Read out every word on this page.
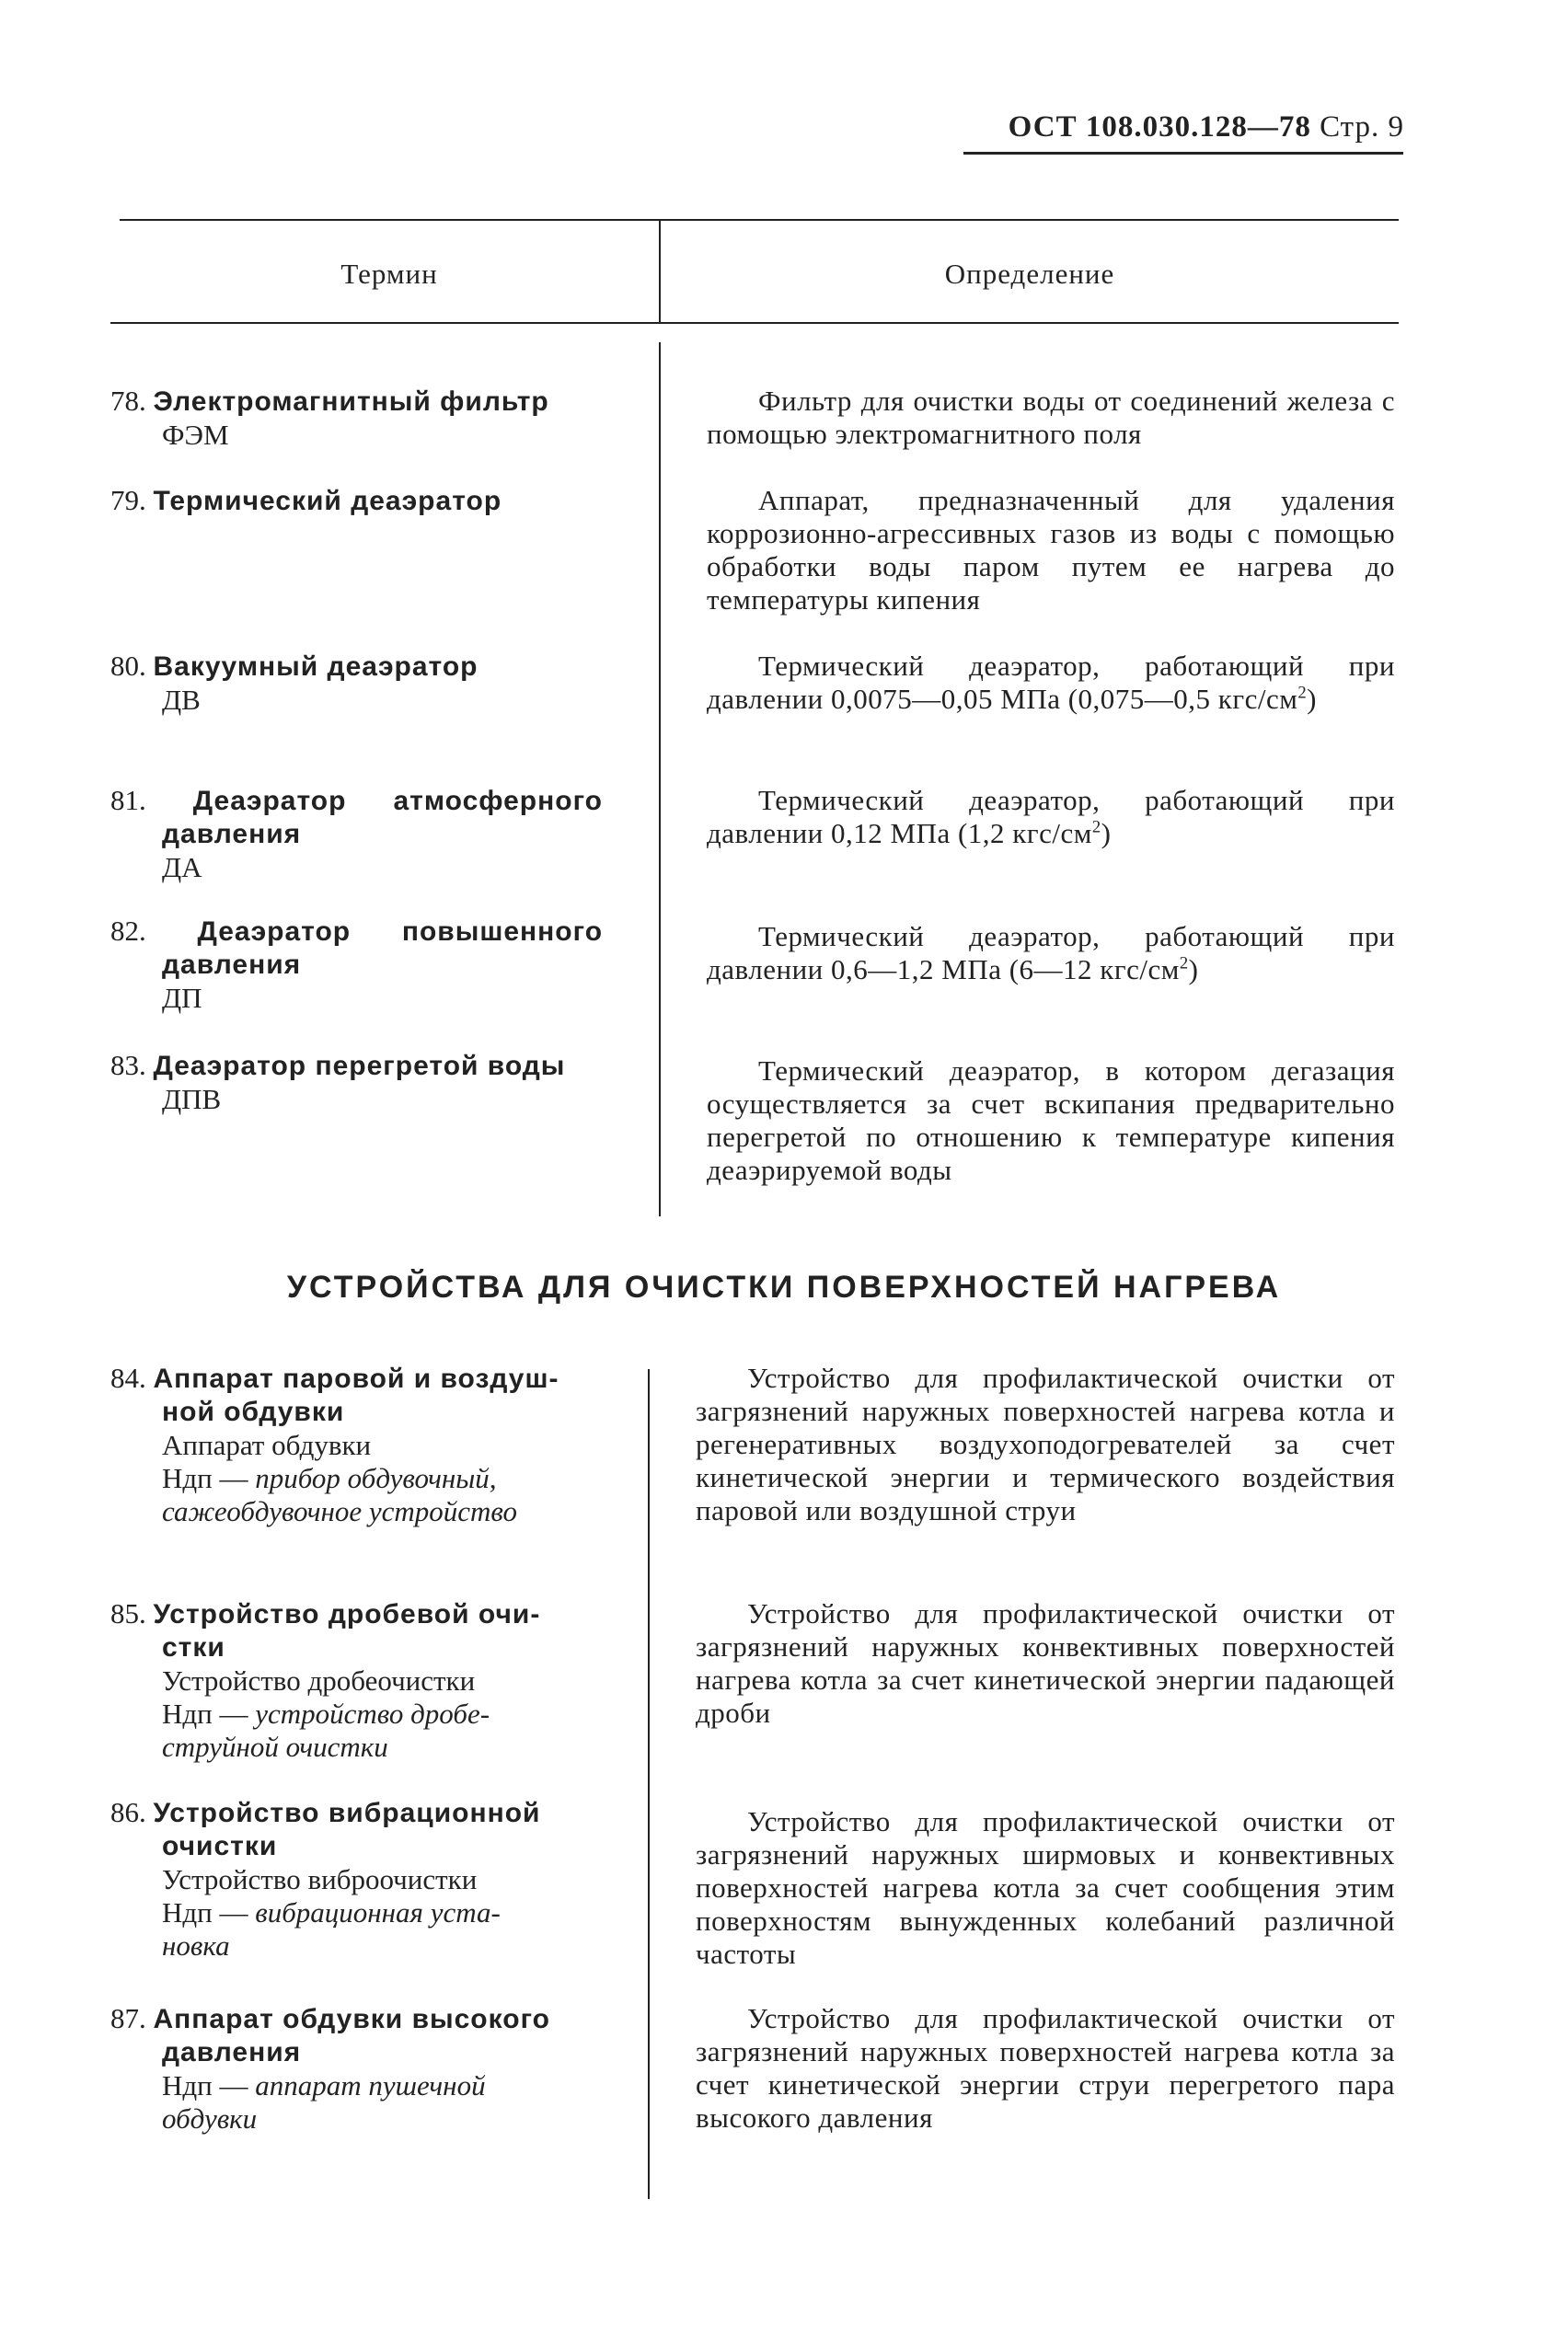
ОСТ 108.030.128—78 Стр. 9
Термин	Определение
78. Электромагнитный фильтр
ФЭМ
Фильтр для очистки воды от соединений железа с помощью электромагнитного поля
79. Термический деаэратор	Аппарат, предназначенный для удаления коррозионно-агрессивных газов из воды с помощью обработки воды паром путем ее нагрева до температуры кипения
80. Вакуумный деаэратор
ДВ
Термический деаэратор, работающий при давлении 0,0075—0,05 МПа (0,075—0,5 кгс/$см^2$)
81. Деаэратор атмосферного
давления
ДА
Термический деаэратор, работающий при давлении 0,12 МПа (1,2 кгс/$см^2$)
82. Деаэратор повышенного
давления
ДП
Термический деаэратор, работающий при давлении 0,6—1,2 МПа (6—12 кгс/$см^2$)
83. Деаэратор перегретой воды
ДПВ
Термический деаэратор, в котором дегазация осуществляется за счет вскипания предварительно перегретой по отношению к температуре кипения деаэрируемой воды
УСТРОЙСТВА ДЛЯ ОЧИСТКИ ПОВЕРХНОСТЕЙ НАГРЕВА
84. Аппарат паровой и воздуш-
ной обдувки
Аппарат обдувки
Ндп — прибор обдувочный,
сажеобдувочное устройство
Устройство для профилактической очистки от загрязнений наружных поверхностей нагрева котла и регенеративных воздухоподогревателей за счет кинетической энергии и термического воздействия паровой или воздушной струи
85. Устройство дробевой очи-
стки
Устройство дробеочистки
Ндп — устройство дробе-
струйной очистки
Устройство для профилактической очистки от загрязнений наружных конвективных поверхностей нагрева котла за счет кинетической энергии падающей дроби
86. Устройство вибрационной
очистки
Устройство виброочистки
Ндп — вибрационная уста-
новка
Устройство для профилактической очистки от загрязнений наружных ширмовых и конвективных поверхностей нагрева котла за счет сообщения этим поверхностям вынужденных колебаний различной частоты
87. Аппарат обдувки высокого
давления
Ндп — аппарат пушечной
обдувки
Устройство для профилактической очистки от загрязнений наружных поверхностей нагрева котла за счет кинетической энергии струи перегретого пара высокого давления
